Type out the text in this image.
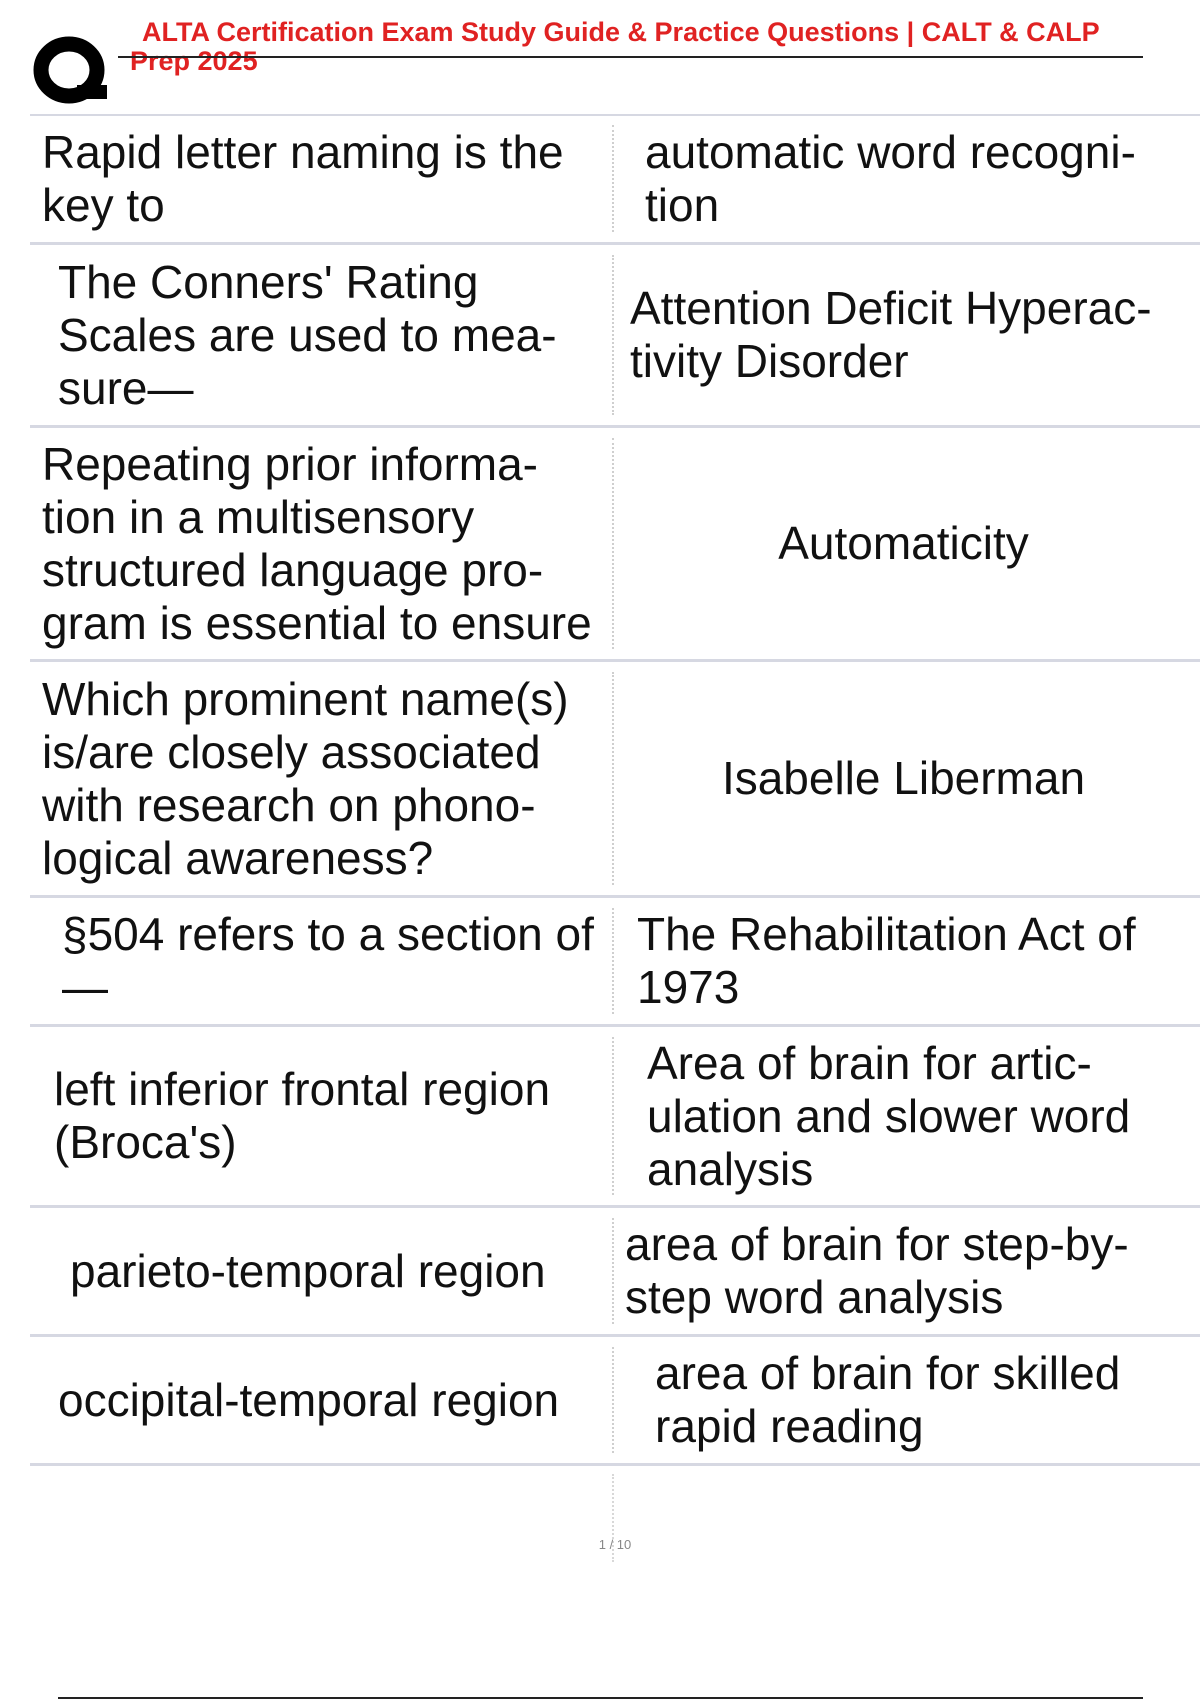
ALTA Certification Exam Study Guide & Practice Questions | CALT & CALP
Prep 2025
Rapid letter naming is the key to
automatic word recogni- tion
The Conners' Rating Scales are used to mea- sure—
Attention Deficit Hyperac- tivity Disorder
Repeating prior informa- tion in a multisensory structured language pro- gram is essential to ensure
Automaticity
Which prominent name(s) is/are closely associated with research on phono- logical awareness?
Isabelle Liberman
§504 refers to a section of—
The Rehabilitation Act of 1973
left inferior frontal region (Broca's)
Area of brain for artic- ulation and slower word analysis
parieto-temporal region
area of brain for step-by-step word analysis
occipital-temporal region
area of brain for skilled rapid reading
1 / 10
